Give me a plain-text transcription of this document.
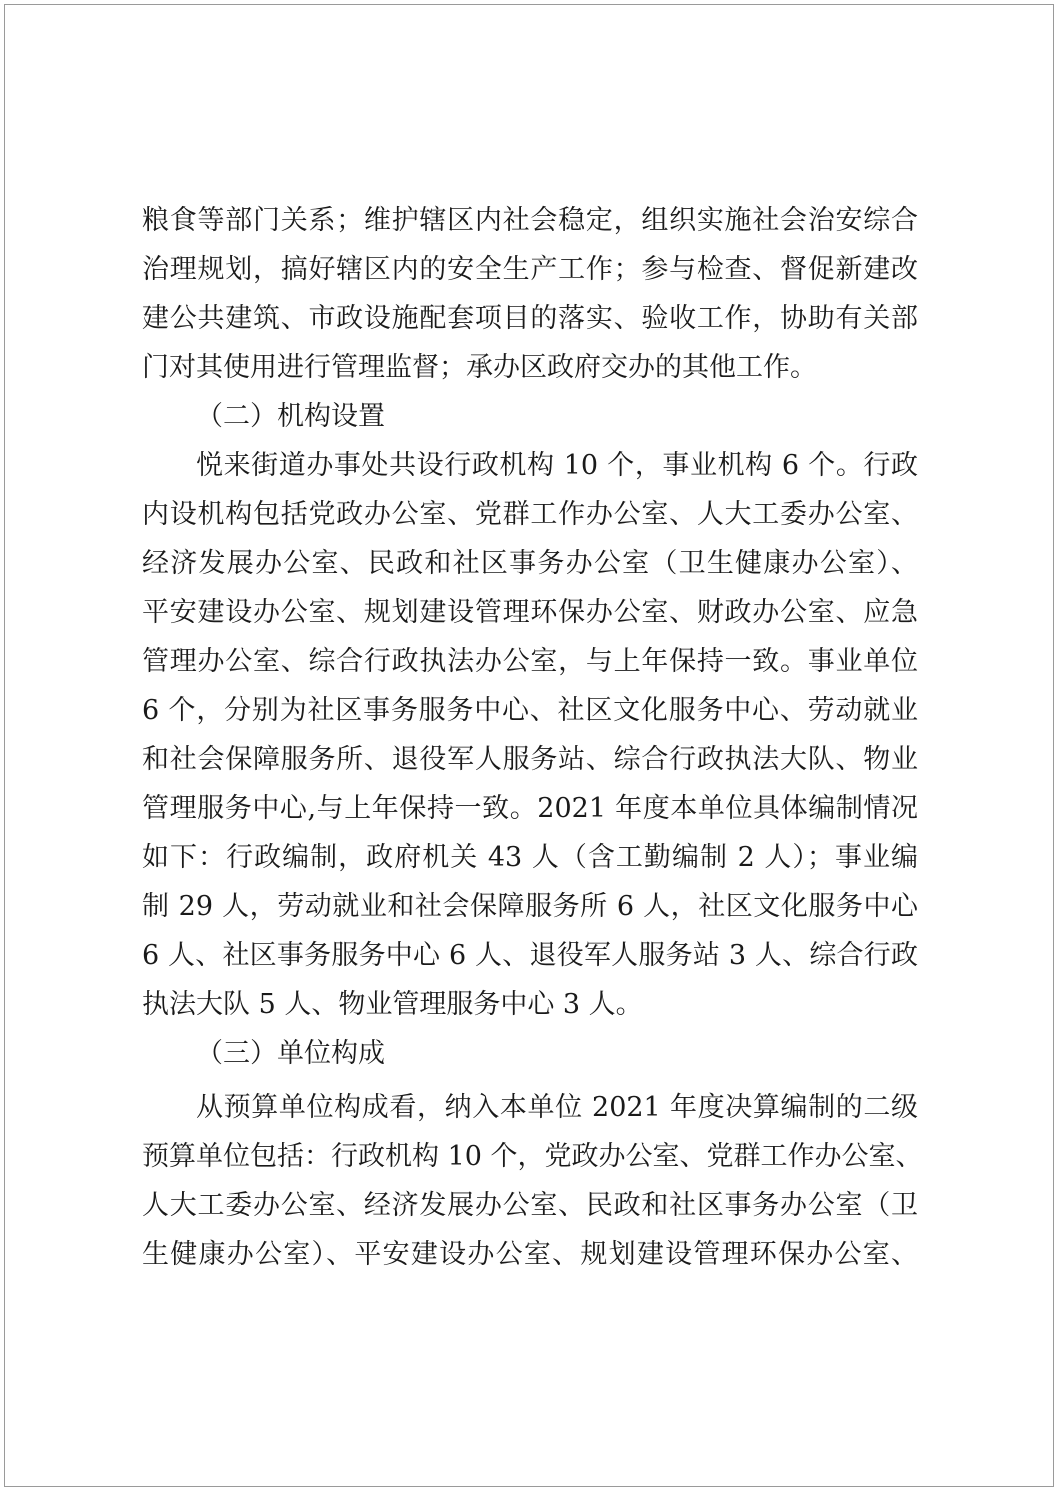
粮食等部门关系；维护辖区内社会稳定，组织实施社会治安综合
治理规划，搞好辖区内的安全生产工作；参与检查、督促新建改
建公共建筑、市政设施配套项目的落实、验收工作，协助有关部
门对其使用进行管理监督；承办区政府交办的其他工作。
（二）机构设置
悦来街道办事处共设行政机构 10 个，事业机构 6 个。行政
内设机构包括党政办公室、党群工作办公室、人大工委办公室、
经济发展办公室、民政和社区事务办公室（卫生健康办公室）、
平安建设办公室、规划建设管理环保办公室、财政办公室、应急
管理办公室、综合行政执法办公室，与上年保持一致。事业单位
6 个，分别为社区事务服务中心、社区文化服务中心、劳动就业
和社会保障服务所、退役军人服务站、综合行政执法大队、物业
管理服务中心,与上年保持一致。2021 年度本单位具体编制情况
如下：行政编制，政府机关 43 人（含工勤编制 2 人）；事业编
制 29 人，劳动就业和社会保障服务所 6 人，社区文化服务中心
6 人、社区事务服务中心 6 人、退役军人服务站 3 人、综合行政
执法大队 5 人、物业管理服务中心 3 人。
（三）单位构成
从预算单位构成看，纳入本单位 2021 年度决算编制的二级
预算单位包括：行政机构 10 个，党政办公室、党群工作办公室、
人大工委办公室、经济发展办公室、民政和社区事务办公室（卫
生健康办公室）、平安建设办公室、规划建设管理环保办公室、
